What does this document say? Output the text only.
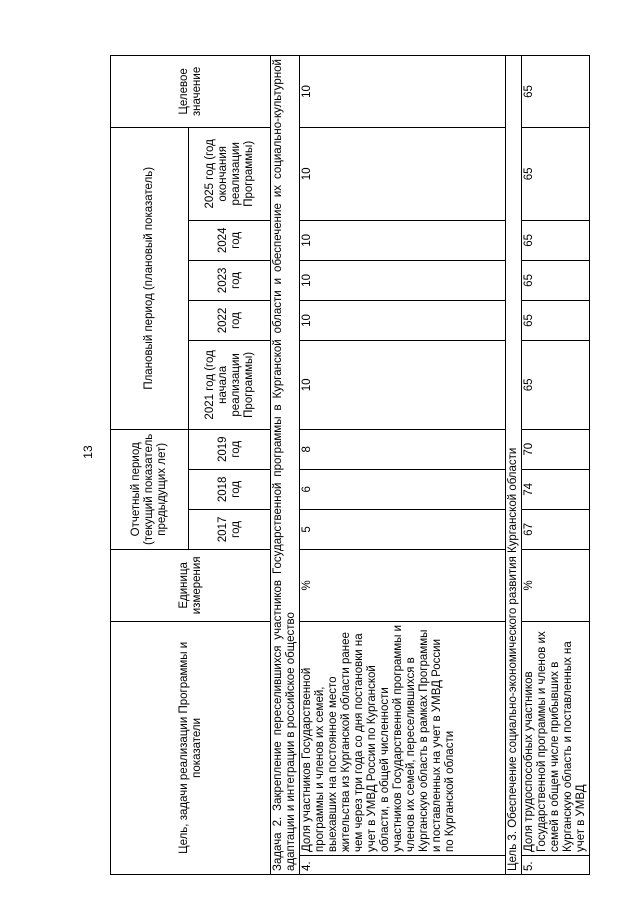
13
Цель, задачи реализации Программы и показатели		Единица измерения	Отчетный период (текущий показатель предыдущих лет)			Плановый период (плановый показатель)					Целевое значение
			2017 год	2018 год	2019 год	2021 год (год начала реализации Программы)	2022 год	2023 год	2024 год	2025 год (год окончания реализации Программы)	
Задача 2. Закрепление переселившихся участников Государственной программы в Курганской области и обеспечение их социально-культурной адаптации и интеграции в российское общество											
4.	Доля участников Государственной программы и членов их семей, выехавших на постоянное место жительства из Курганской области ранее чем через три года со дня постановки на учет в УМВД России по Курганской области, в общей численности участников Государственной программы и членов их семей, переселившихся в Курганскую область в рамках Программы и поставленных на учет в УМВД России по Курганской области	%	5	6	8	10	10	10	10	10	10
Цель 3. Обеспечение социально-экономического развития Курганской области											
5.	Доля трудоспособных участников Государственной программы и членов их семей в общем числе прибывших в Курганскую область и поставленных на учет в УМВД	%	67	74	70	65	65	65	65	65	65
